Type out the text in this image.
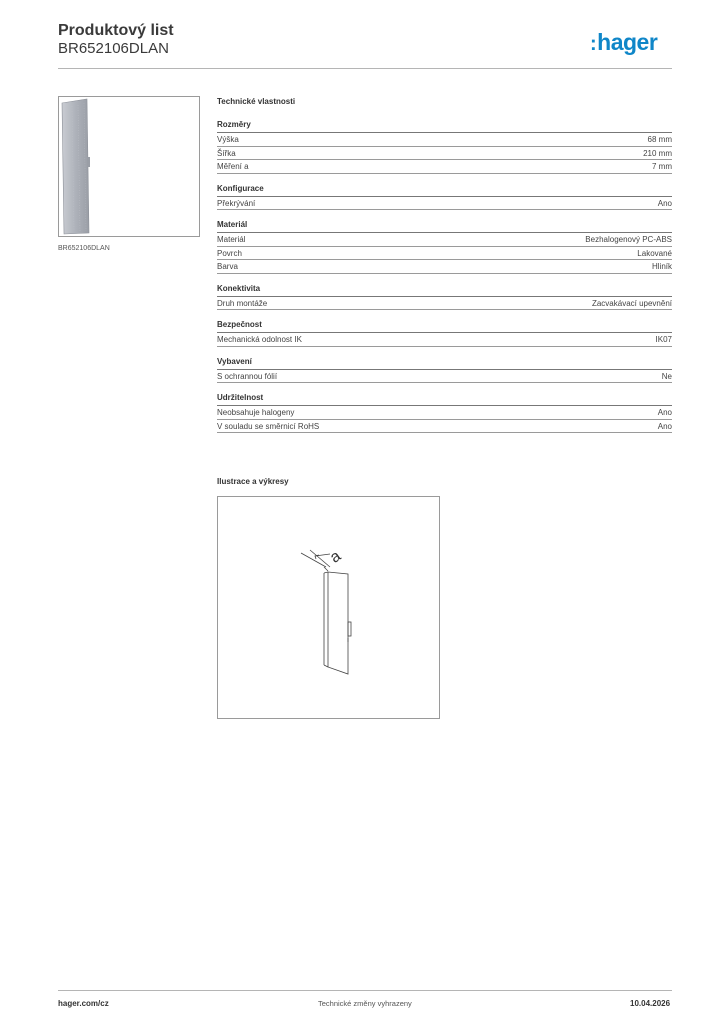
Produktový list
BR652106DLAN	:hager
BR652106DLAN
Technické vlastnosti
Rozměry
Výška	68 mm
Šířka	210 mm
Měření a	7 mm
Konfigurace
Překrývání	Ano
Materiál
Materiál	Bezhalogenový PC-ABS
Povrch	Lakované
Barva	Hliník
Konektivita
Druh montáže	Zacvakávací upevnění
Bezpečnost
Mechanická odolnost IK	IK07
Vybavení
S ochrannou fólií	Ne
Udržitelnost
Neobsahuje halogeny	Ano
V souladu se směrnicí RoHS	Ano
Ilustrace a výkresy
a
hager.com/cz	Technické změny vyhrazeny	10.04.2026
